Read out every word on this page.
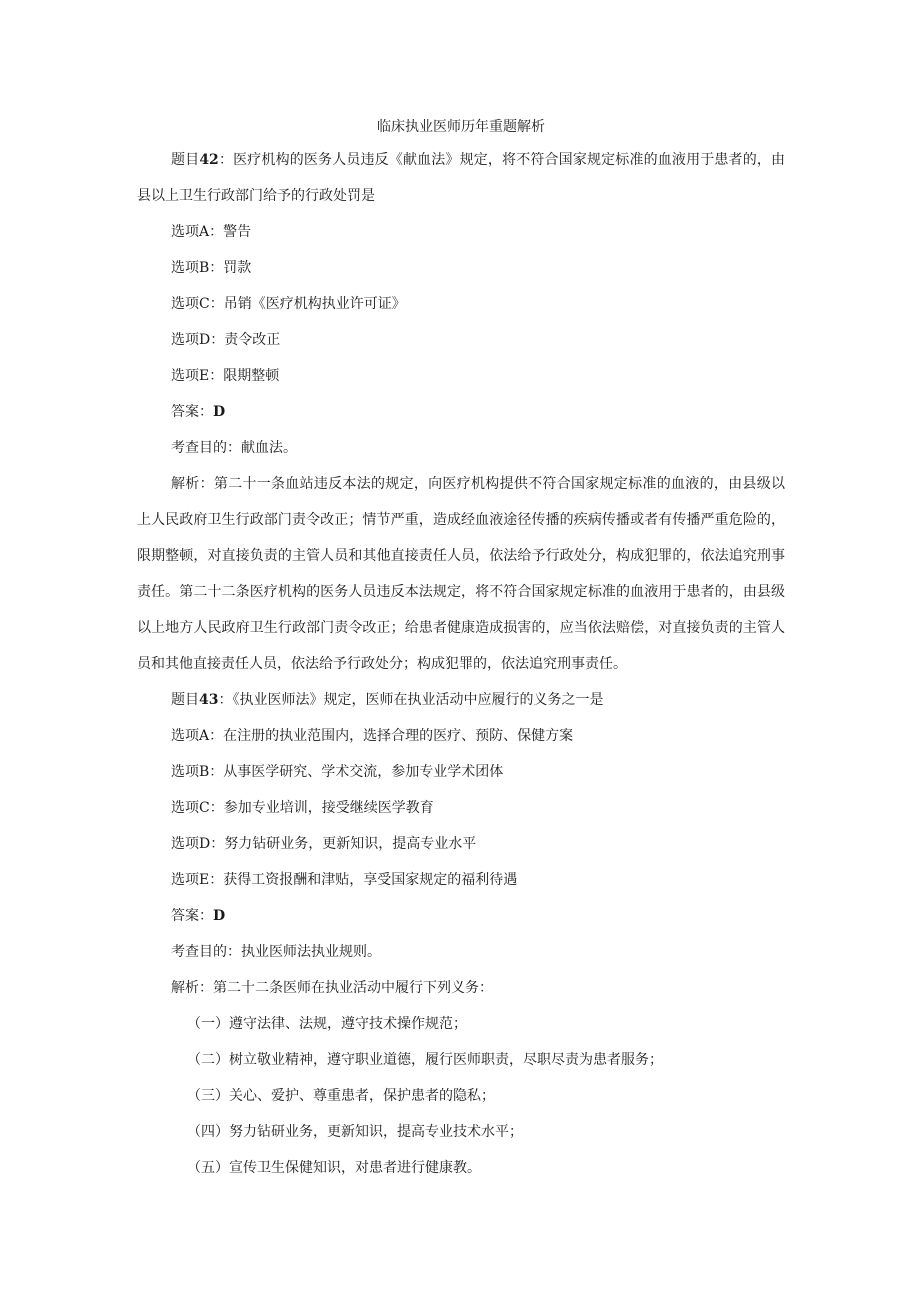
临床执业医师历年重题解析

题目42：医疗机构的医务人员违反《献血法》规定，将不符合国家规定标准的血液用于患者的，由县以上卫生行政部门给予的行政处罚是

选项A：警告

选项B：罚款

选项C：吊销《医疗机构执业许可证》

选项D：责令改正

选项E：限期整顿

答案：D

考查目的：献血法。

解析：第二十一条血站违反本法的规定，向医疗机构提供不符合国家规定标准的血液的，由县级以上人民政府卫生行政部门责令改正；情节严重，造成经血液途径传播的疾病传播或者有传播严重危险的，限期整顿，对直接负责的主管人员和其他直接责任人员，依法给予行政处分，构成犯罪的，依法追究刑事责任。第二十二条医疗机构的医务人员违反本法规定，将不符合国家规定标准的血液用于患者的，由县级以上地方人民政府卫生行政部门责令改正；给患者健康造成损害的，应当依法赔偿，对直接负责的主管人员和其他直接责任人员，依法给予行政处分；构成犯罪的，依法追究刑事责任。

题目43：《执业医师法》规定，医师在执业活动中应履行的义务之一是

选项A：在注册的执业范围内，选择合理的医疗、预防、保健方案

选项B：从事医学研究、学术交流，参加专业学术团体

选项C：参加专业培训，接受继续医学教育

选项D：努力钻研业务，更新知识，提高专业水平

选项E：获得工资报酬和津贴，享受国家规定的福利待遇

答案：D

考查目的：执业医师法执业规则。

解析：第二十二条医师在执业活动中履行下列义务：

（一）遵守法律、法规，遵守技术操作规范；

（二）树立敬业精神，遵守职业道德，履行医师职责，尽职尽责为患者服务；

（三）关心、爱护、尊重患者，保护患者的隐私；

（四）努力钻研业务，更新知识，提高专业技术水平；

（五）宣传卫生保健知识，对患者进行健康教。
